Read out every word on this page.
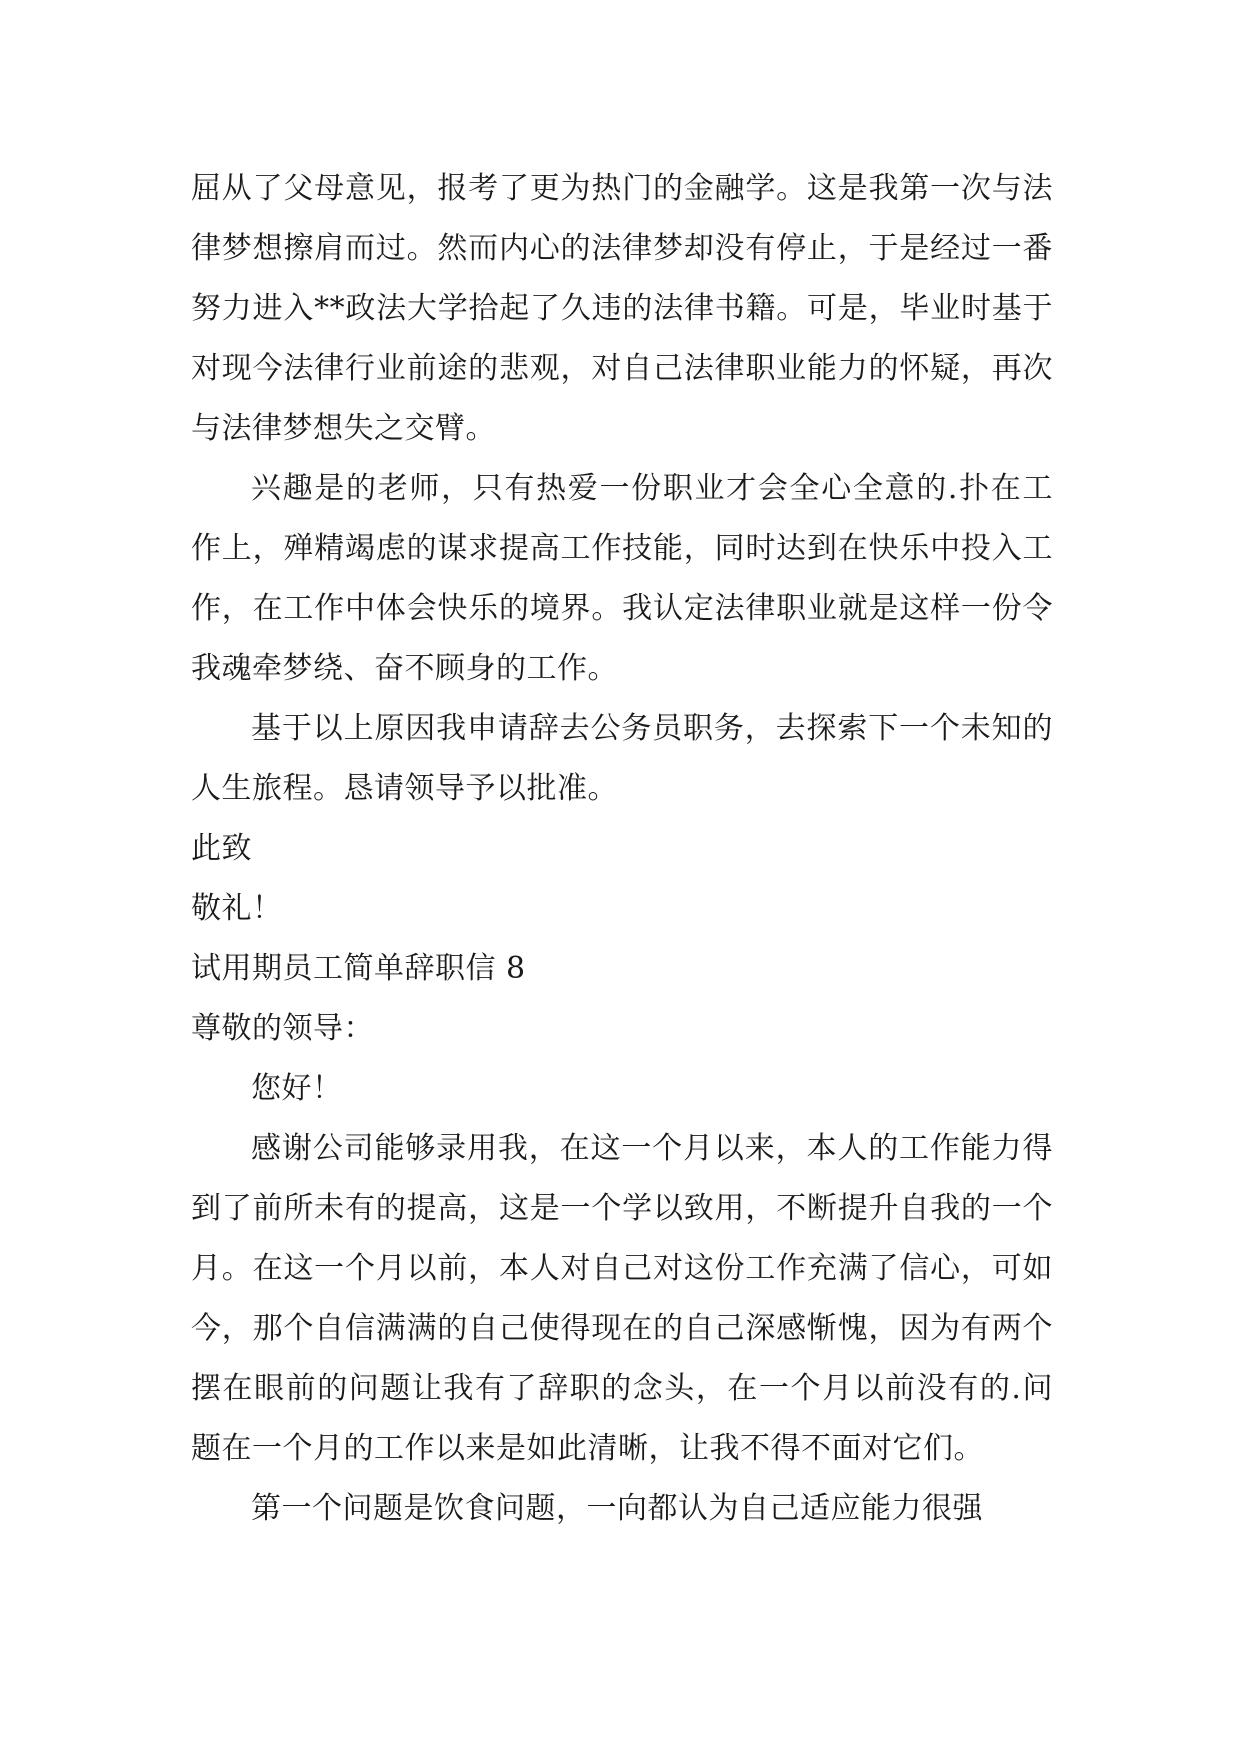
屈从了父母意见，报考了更为热门的金融学。这是我第一次与法律梦想擦肩而过。然而内心的法律梦却没有停止，于是经过一番努力进入**政法大学拾起了久违的法律书籍。可是，毕业时基于对现今法律行业前途的悲观，对自己法律职业能力的怀疑，再次与法律梦想失之交臂。

兴趣是的老师，只有热爱一份职业才会全心全意的.扑在工作上，殚精竭虑的谋求提高工作技能，同时达到在快乐中投入工作，在工作中体会快乐的境界。我认定法律职业就是这样一份令我魂牵梦绕、奋不顾身的工作。

基于以上原因我申请辞去公务员职务，去探索下一个未知的人生旅程。恳请领导予以批准。

此致

敬礼！

试用期员工简单辞职信 8

尊敬的领导：

您好！

感谢公司能够录用我，在这一个月以来，本人的工作能力得到了前所未有的提高，这是一个学以致用，不断提升自我的一个月。在这一个月以前，本人对自己对这份工作充满了信心，可如今，那个自信满满的自己使得现在的自己深感惭愧，因为有两个摆在眼前的问题让我有了辞职的念头，在一个月以前没有的.问题在一个月的工作以来是如此清晰，让我不得不面对它们。

第一个问题是饮食问题，一向都认为自己适应能力很强
